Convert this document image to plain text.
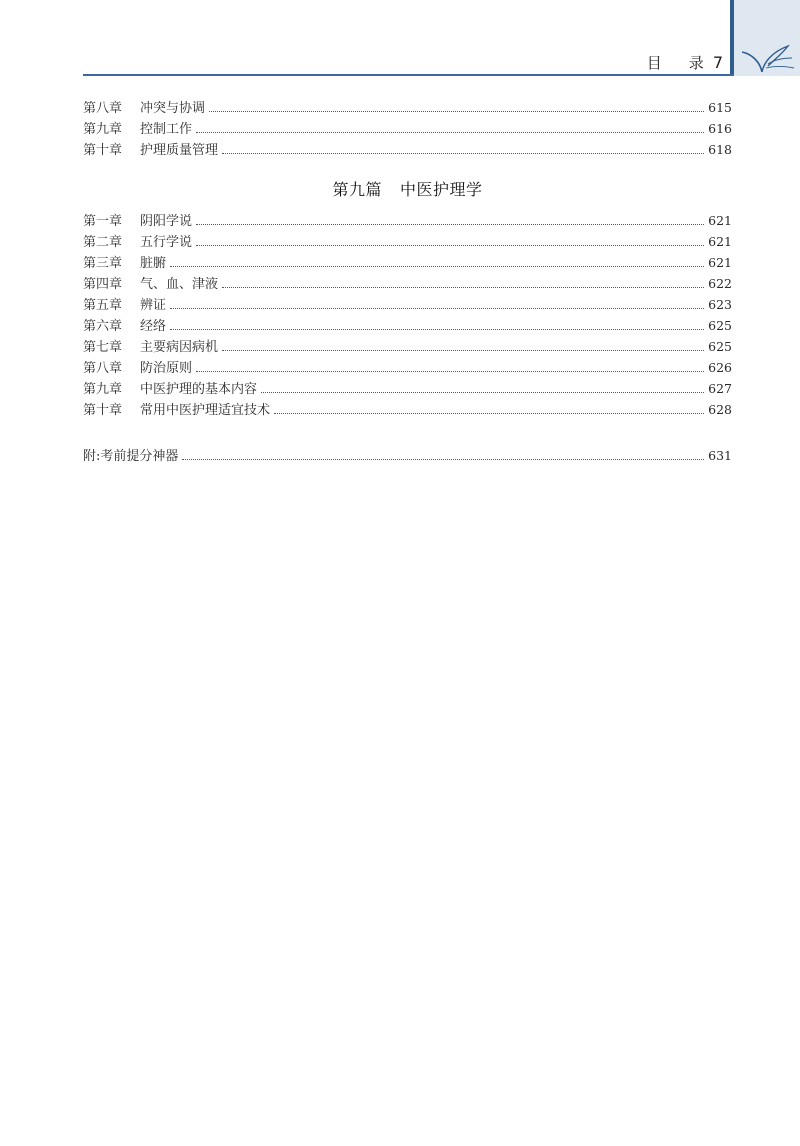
目 录 7
第八章	冲突与协调	615
第九章	控制工作	616
第十章	护理质量管理	618
第九篇 中医护理学
第一章	阴阳学说	621
第二章	五行学说	621
第三章	脏腑	621
第四章	气、血、津液	622
第五章	辨证	623
第六章	经络	625
第七章	主要病因病机	625
第八章	防治原则	626
第九章	中医护理的基本内容	627
第十章	常用中医护理适宜技术	628
附:考前提分神器	631
